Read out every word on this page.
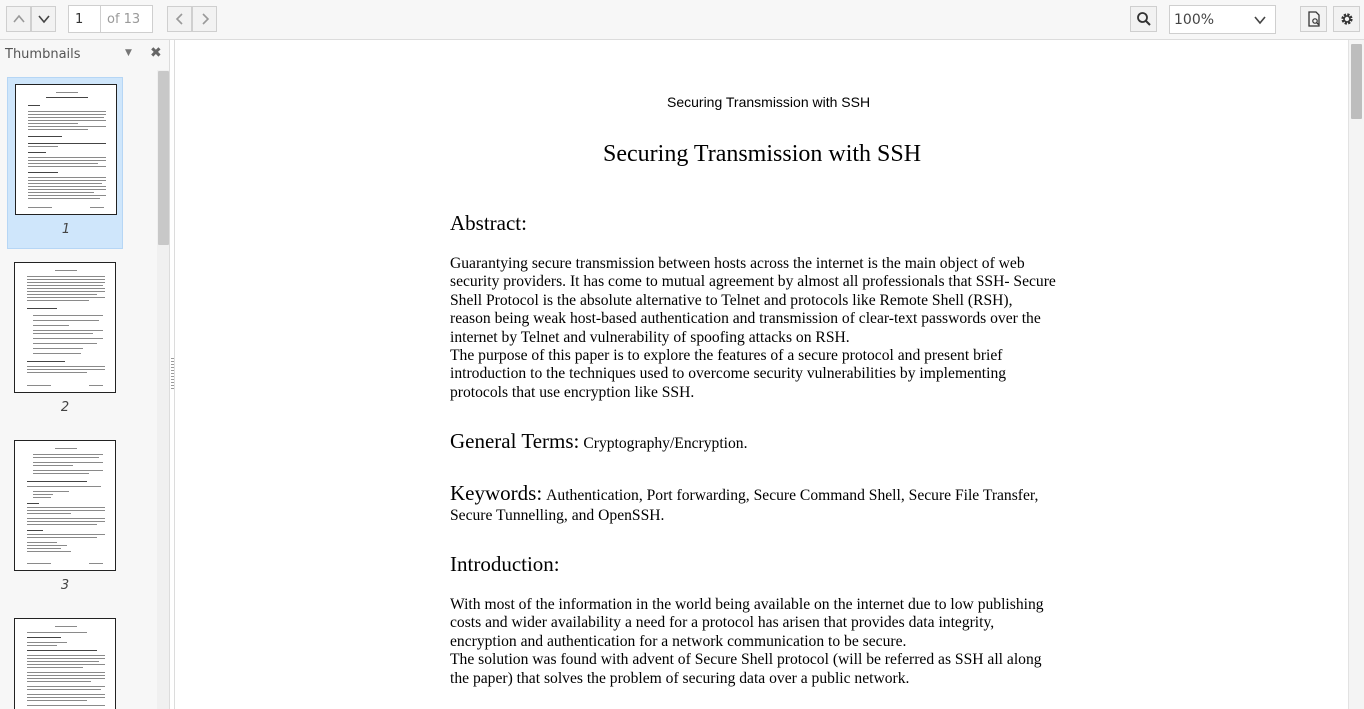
1
of 13	100%
Thumbnails	▼ ✖
1
2
3
Securing Transmission with SSH
Securing Transmission with SSH
Abstract:
Guarantying secure transmission between hosts across the internet is the main object of web
security providers. It has come to mutual agreement by almost all professionals that SSH- Secure
Shell Protocol is the absolute alternative to Telnet and protocols like Remote Shell (RSH),
reason being weak host-based authentication and transmission of clear-text passwords over the
internet by Telnet and vulnerability of spoofing attacks on RSH.
The purpose of this paper is to explore the features of a secure protocol and present brief
introduction to the techniques used to overcome security vulnerabilities by implementing
protocols that use encryption like SSH.
General Terms: Cryptography/Encryption.
Keywords: Authentication, Port forwarding, Secure Command Shell, Secure File Transfer,
Secure Tunnelling, and OpenSSH.
Introduction:
With most of the information in the world being available on the internet due to low publishing
costs and wider availability a need for a protocol has arisen that provides data integrity,
encryption and authentication for a network communication to be secure.
The solution was found with advent of Secure Shell protocol (will be referred as SSH all along
the paper) that solves the problem of securing data over a public network.
